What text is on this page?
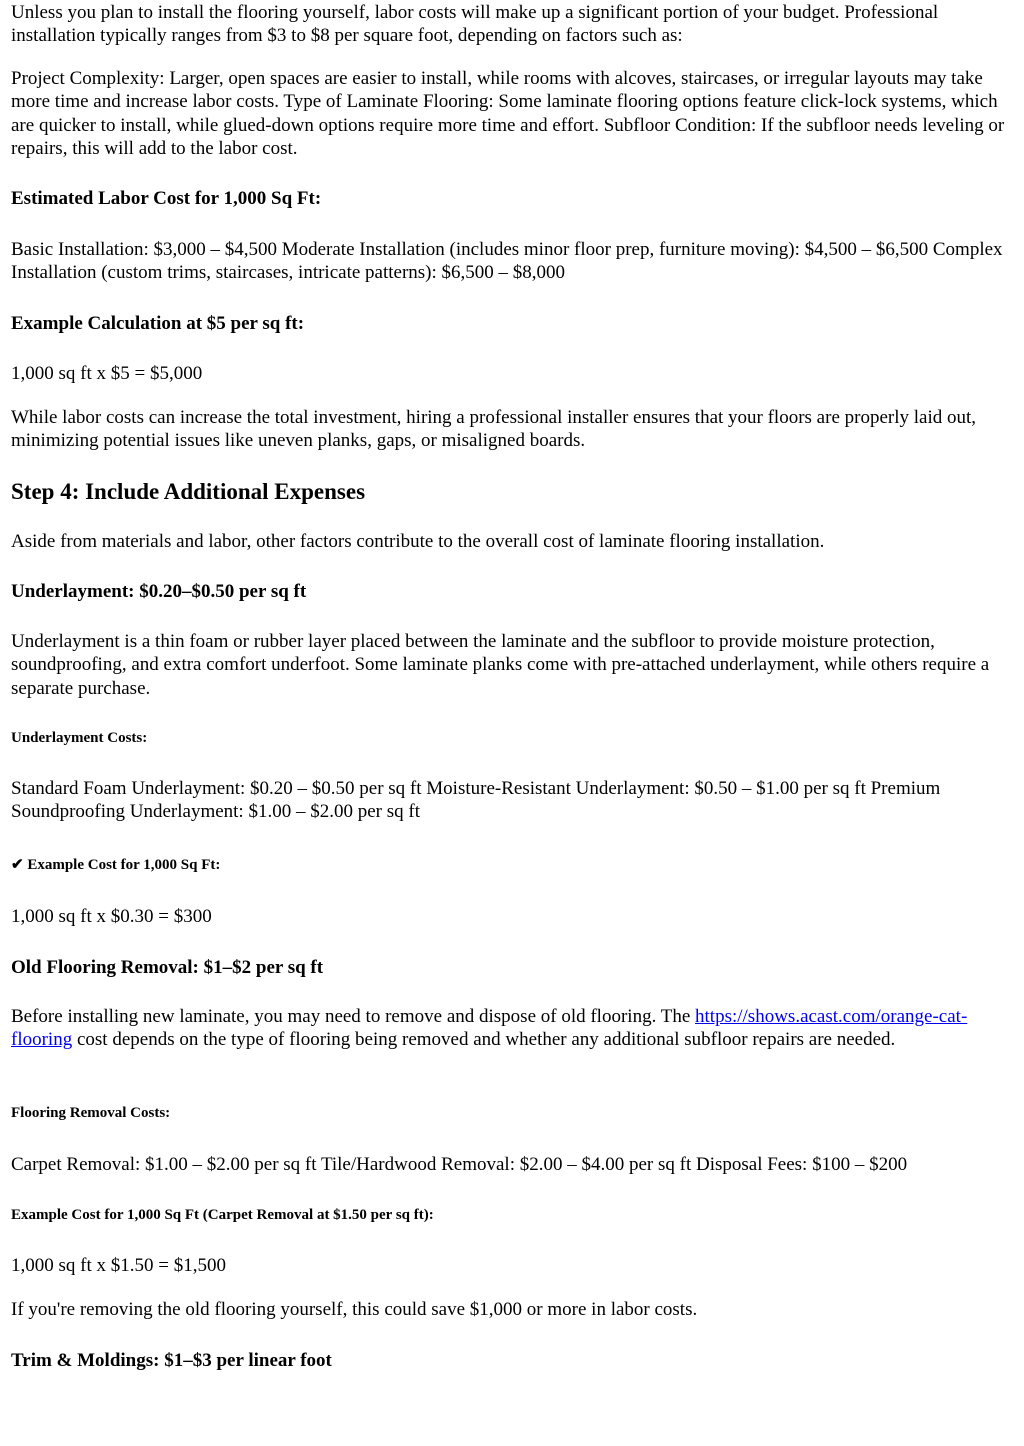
Unless you plan to install the flooring yourself, labor costs will make up a significant portion of your budget. Professional installation typically ranges from $3 to $8 per square foot, depending on factors such as:

Project Complexity: Larger, open spaces are easier to install, while rooms with alcoves, staircases, or irregular layouts may take more time and increase labor costs. Type of Laminate Flooring: Some laminate flooring options feature click-lock systems, which are quicker to install, while glued-down options require more time and effort. Subfloor Condition: If the subfloor needs leveling or repairs, this will add to the labor cost.

Estimated Labor Cost for 1,000 Sq Ft:

Basic Installation: $3,000 – $4,500 Moderate Installation (includes minor floor prep, furniture moving): $4,500 – $6,500 Complex Installation (custom trims, staircases, intricate patterns): $6,500 – $8,000

Example Calculation at $5 per sq ft:

1,000 sq ft x $5 = $5,000

While labor costs can increase the total investment, hiring a professional installer ensures that your floors are properly laid out, minimizing potential issues like uneven planks, gaps, or misaligned boards.

Step 4: Include Additional Expenses

Aside from materials and labor, other factors contribute to the overall cost of laminate flooring installation.

Underlayment: $0.20–$0.50 per sq ft

Underlayment is a thin foam or rubber layer placed between the laminate and the subfloor to provide moisture protection, soundproofing, and extra comfort underfoot. Some laminate planks come with pre-attached underlayment, while others require a separate purchase.

Underlayment Costs:

Standard Foam Underlayment: $0.20 – $0.50 per sq ft Moisture-Resistant Underlayment: $0.50 – $1.00 per sq ft Premium Soundproofing Underlayment: $1.00 – $2.00 per sq ft

✔ Example Cost for 1,000 Sq Ft:

1,000 sq ft x $0.30 = $300

Old Flooring Removal: $1–$2 per sq ft

Before installing new laminate, you may need to remove and dispose of old flooring. The https://shows.acast.com/orange-cat-flooring cost depends on the type of flooring being removed and whether any additional subfloor repairs are needed.

Flooring Removal Costs:

Carpet Removal: $1.00 – $2.00 per sq ft Tile/Hardwood Removal: $2.00 – $4.00 per sq ft Disposal Fees: $100 – $200

Example Cost for 1,000 Sq Ft (Carpet Removal at $1.50 per sq ft):

1,000 sq ft x $1.50 = $1,500

If you're removing the old flooring yourself, this could save $1,000 or more in labor costs.

Trim & Moldings: $1–$3 per linear foot
